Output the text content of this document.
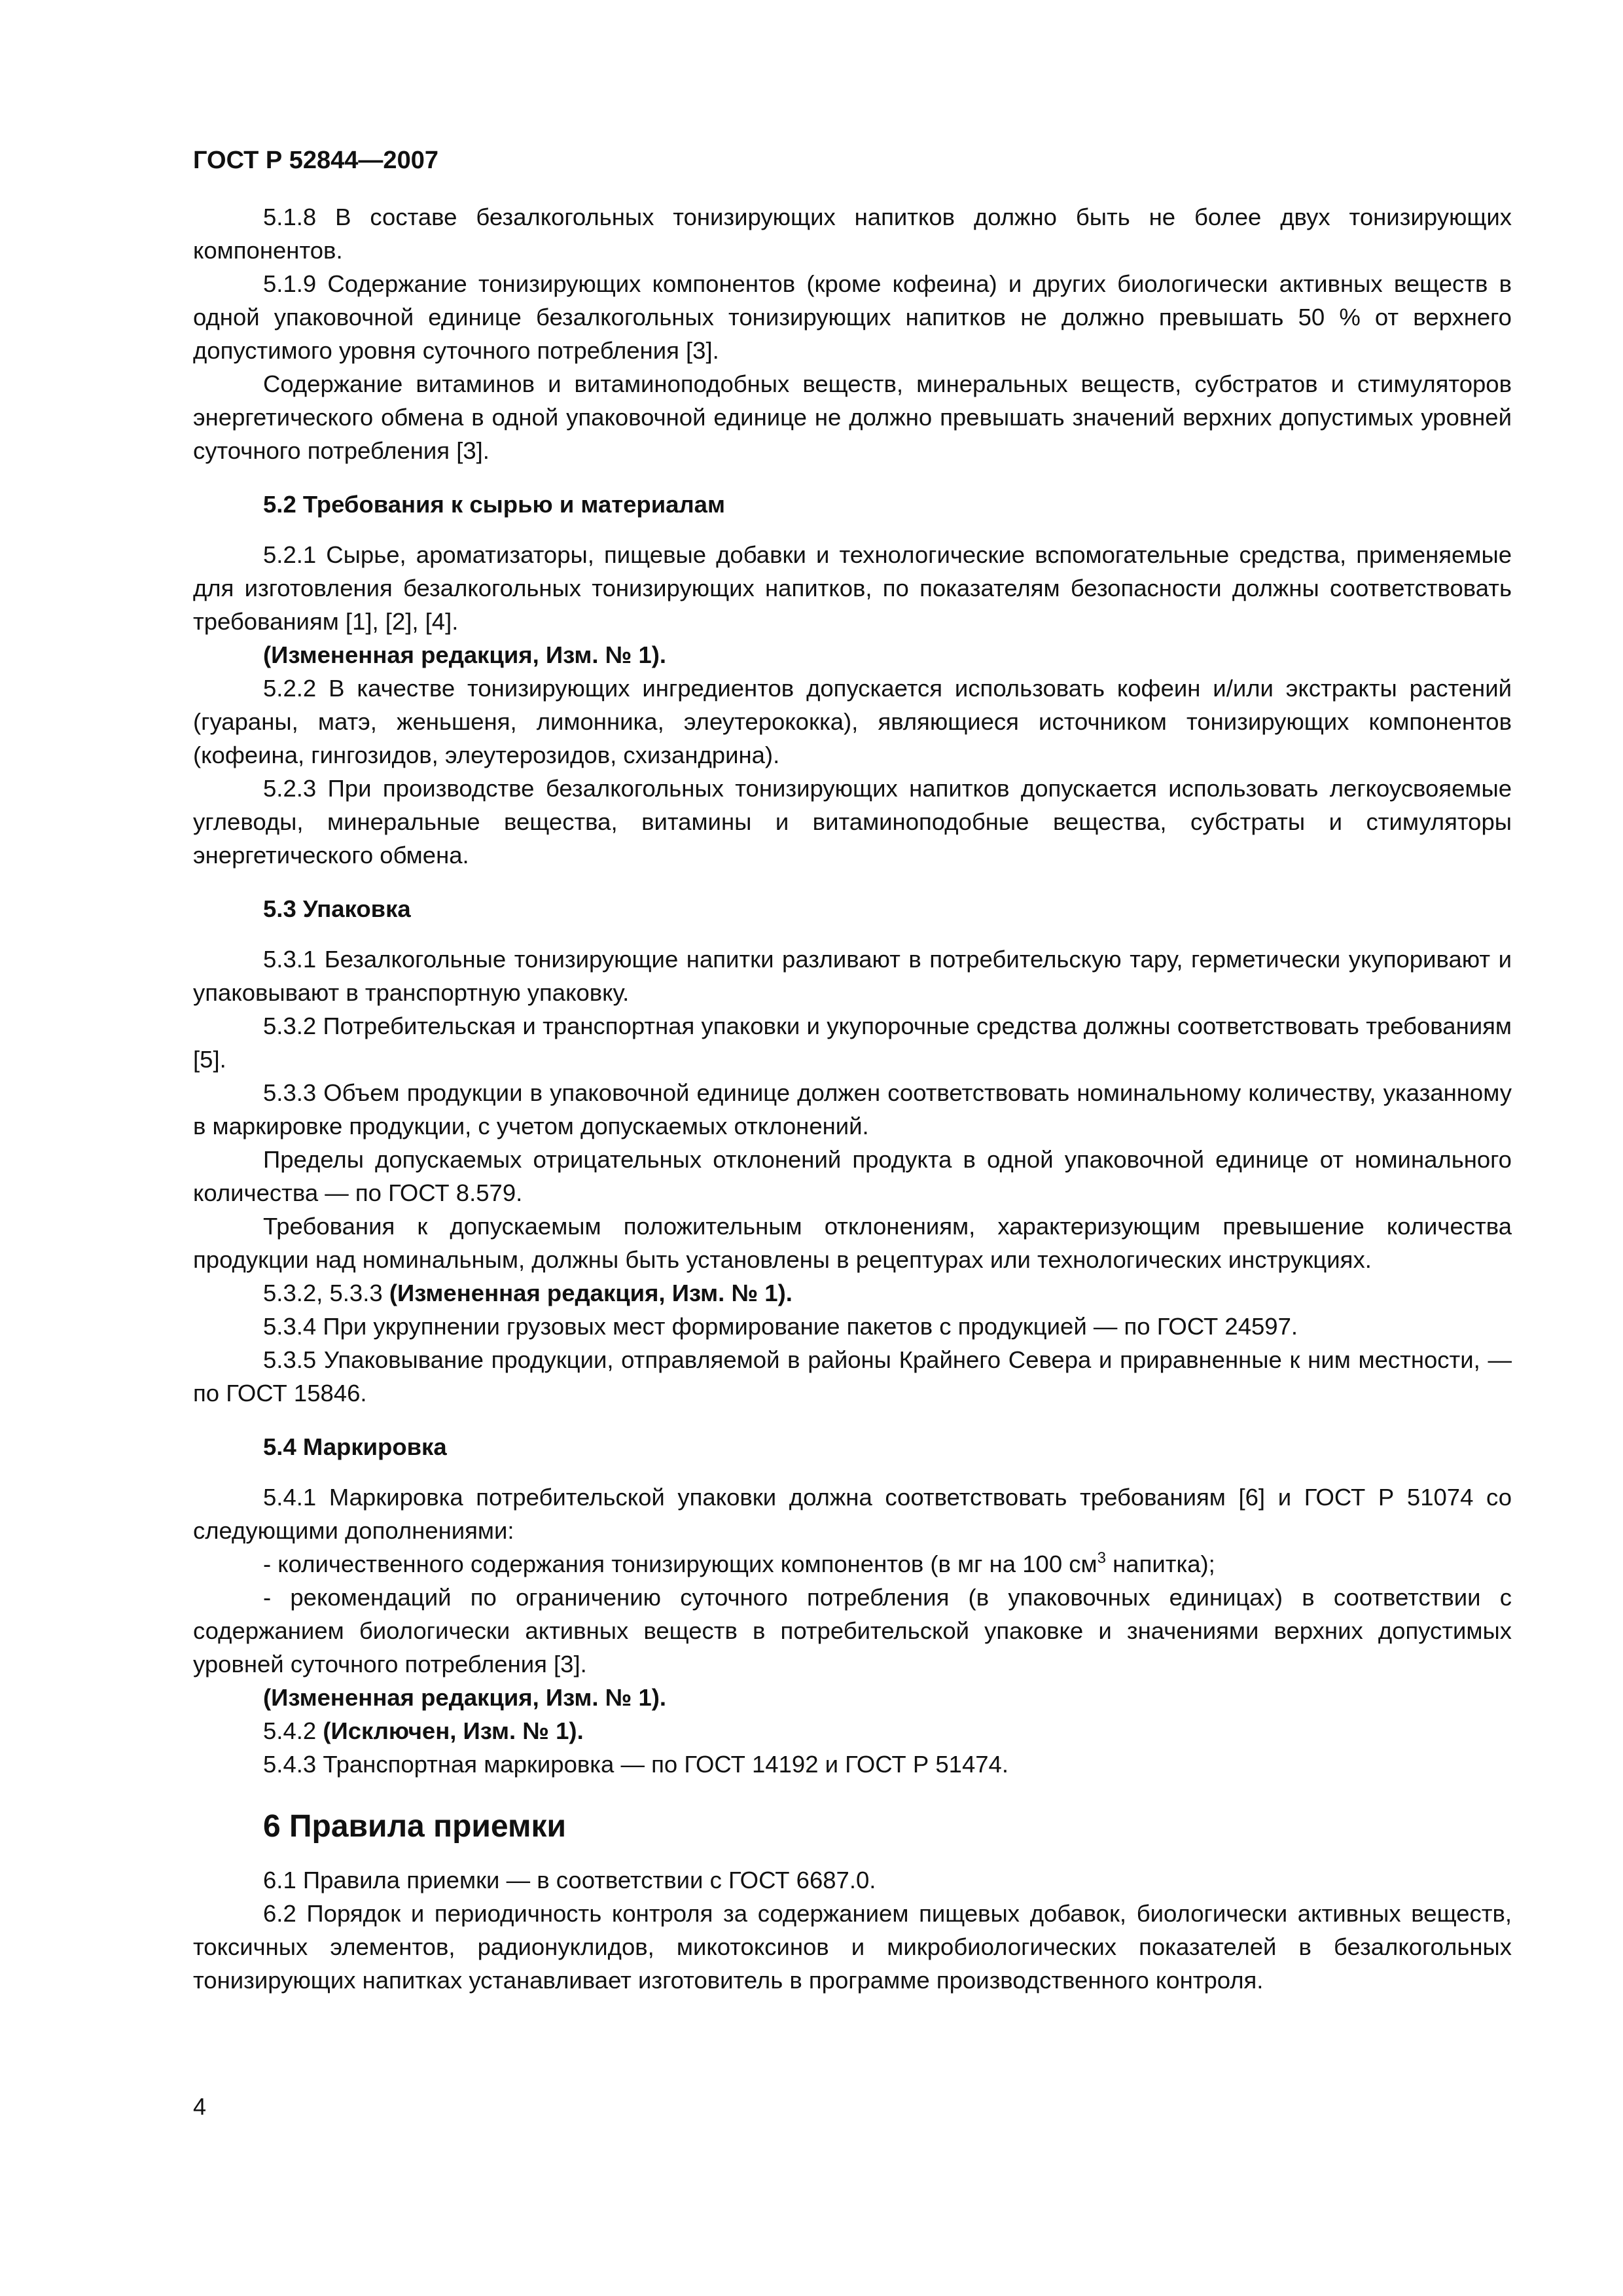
ГОСТ Р 52844—2007

5.1.8 В составе безалкогольных тонизирующих напитков должно быть не более двух тонизирующих компонентов.

5.1.9 Содержание тонизирующих компонентов (кроме кофеина) и других биологически активных веществ в одной упаковочной единице безалкогольных тонизирующих напитков не должно превышать 50 % от верхнего допустимого уровня суточного потребления [3].

Содержание витаминов и витаминоподобных веществ, минеральных веществ, субстратов и стимуляторов энергетического обмена в одной упаковочной единице не должно превышать значений верхних допустимых уровней суточного потребления [3].

5.2 Требования к сырью и материалам

5.2.1 Сырье, ароматизаторы, пищевые добавки и технологические вспомогательные средства, применяемые для изготовления безалкогольных тонизирующих напитков, по показателям безопасности должны соответствовать требованиям [1], [2], [4].

(Измененная редакция, Изм. № 1).

5.2.2 В качестве тонизирующих ингредиентов допускается использовать кофеин и/или экстракты растений (гуараны, матэ, женьшеня, лимонника, элеутерококка), являющиеся источником тонизирующих компонентов (кофеина, гингозидов, элеутерозидов, схизандрина).

5.2.3 При производстве безалкогольных тонизирующих напитков допускается использовать легкоусвояемые углеводы, минеральные вещества, витамины и витаминоподобные вещества, субстраты и стимуляторы энергетического обмена.

5.3 Упаковка

5.3.1 Безалкогольные тонизирующие напитки разливают в потребительскую тару, герметически укупоривают и упаковывают в транспортную упаковку.

5.3.2 Потребительская и транспортная упаковки и укупорочные средства должны соответствовать требованиям [5].

5.3.3 Объем продукции в упаковочной единице должен соответствовать номинальному количеству, указанному в маркировке продукции, с учетом допускаемых отклонений.

Пределы допускаемых отрицательных отклонений продукта в одной упаковочной единице от номинального количества — по ГОСТ 8.579.

Требования к допускаемым положительным отклонениям, характеризующим превышение количества продукции над номинальным, должны быть установлены в рецептурах или технологических инструкциях.

5.3.2, 5.3.3 (Измененная редакция, Изм. № 1).

5.3.4 При укрупнении грузовых мест формирование пакетов с продукцией — по ГОСТ 24597.

5.3.5 Упаковывание продукции, отправляемой в районы Крайнего Севера и приравненные к ним местности, — по ГОСТ 15846.

5.4 Маркировка

5.4.1 Маркировка потребительской упаковки должна соответствовать требованиям [6] и ГОСТ Р 51074 со следующими дополнениями:

- количественного содержания тонизирующих компонентов (в мг на 100 $см^3$ напитка);

- рекомендаций по ограничению суточного потребления (в упаковочных единицах) в соответствии с содержанием биологически активных веществ в потребительской упаковке и значениями верхних допустимых уровней суточного потребления [3].

(Измененная редакция, Изм. № 1).

5.4.2 (Исключен, Изм. № 1).

5.4.3 Транспортная маркировка — по ГОСТ 14192 и ГОСТ Р 51474.

6 Правила приемки

6.1 Правила приемки — в соответствии с ГОСТ 6687.0.

6.2 Порядок и периодичность контроля за содержанием пищевых добавок, биологически активных веществ, токсичных элементов, радионуклидов, микотоксинов и микробиологических показателей в безалкогольных тонизирующих напитках устанавливает изготовитель в программе производственного контроля.

4
